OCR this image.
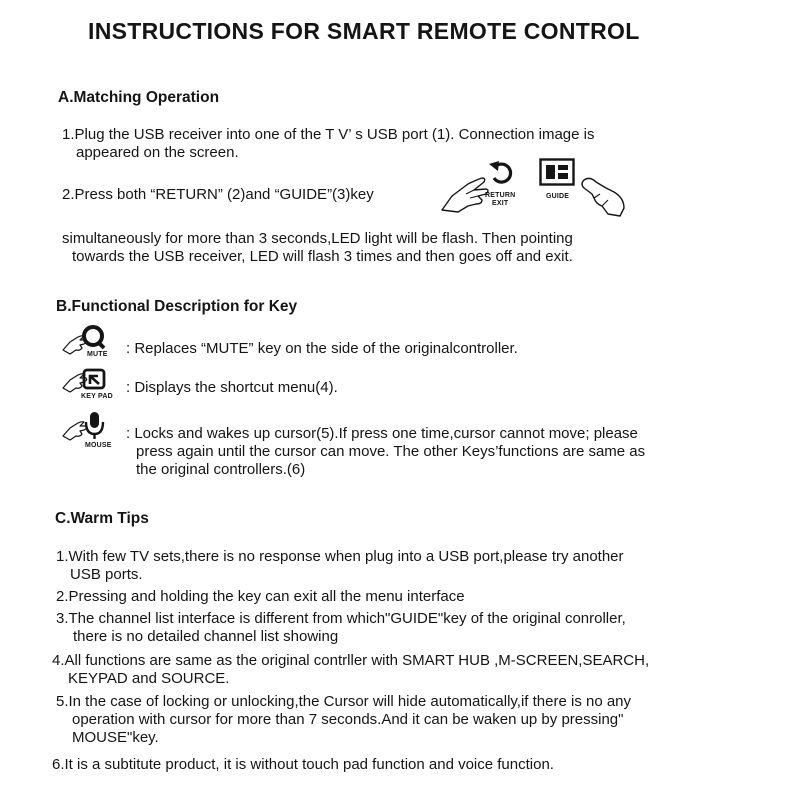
INSTRUCTIONS FOR SMART REMOTE CONTROL
A.Matching Operation
1.Plug the USB receiver into one of the T V’ s USB port (1). Connection image is
appeared on the screen.
2.Press both “RETURN” (2)and “GUIDE”(3)key	RETURN
EXIT
GUIDE
simultaneously for more than 3 seconds,LED light will be flash. Then pointing
towards the USB receiver, LED will flash 3 times and then goes off and exit.
B.Functional Description for Key
MUTE : Replaces “MUTE” key on the side of the originalcontroller.
KEY PAD
: Displays the shortcut menu(4).
MOUSE
: Locks and wakes up cursor(5).If press one time,cursor cannot move; please
press again until the cursor can move. The other Keys’functions are same as
the original controllers.(6)
C.Warm Tips
1.With few TV sets,there is no response when plug into a USB port,please try another
USB ports.
2.Pressing and holding the key can exit all the menu interface
3.The channel list interface is different from which"GUIDE"key of the original conroller,
there is no detailed channel list showing
4.All functions are same as the original contrller with SMART HUB ,M-SCREEN,SEARCH,
KEYPAD and SOURCE.
5.In the case of locking or unlocking,the Cursor will hide automatically,if there is no any
operation with cursor for more than 7 seconds.And it can be waken up by pressing"
MOUSE"key.
6.It is a subtitute product, it is without touch pad function and voice function.
